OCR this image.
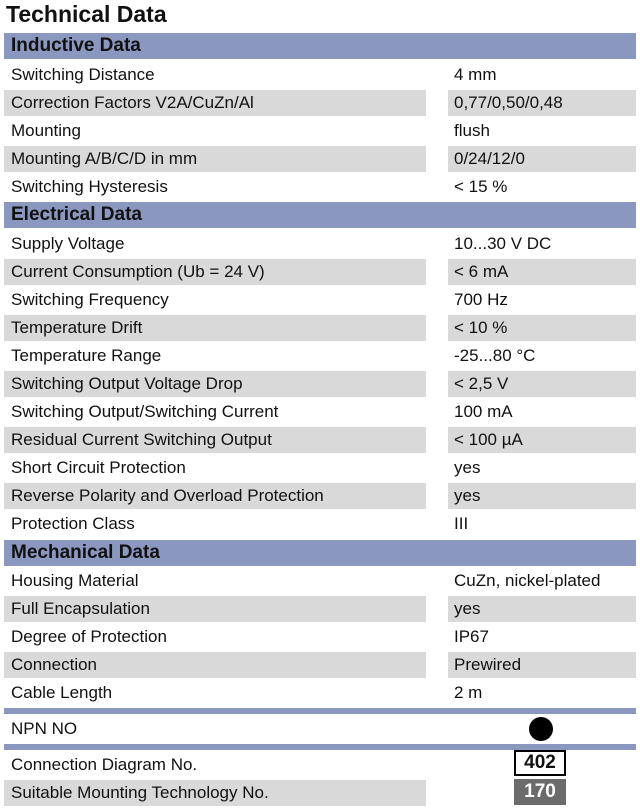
Technical Data
Inductive Data
Switching Distance	4 mm
Correction Factors V2A/CuZn/Al	0,77/0,50/0,48
Mounting	flush
Mounting A/B/C/D in mm	0/24/12/0
Switching Hysteresis	< 15 %
Electrical Data
Supply Voltage	10...30 V DC
Current Consumption (Ub = 24 V)	< 6 mA
Switching Frequency	700 Hz
Temperature Drift	< 10 %
Temperature Range	-25...80 °C
Switching Output Voltage Drop	< 2,5 V
Switching Output/Switching Current	100 mA
Residual Current Switching Output	< 100 µA
Short Circuit Protection	yes
Reverse Polarity and Overload Protection	yes
Protection Class	III
Mechanical Data
Housing Material	CuZn, nickel-plated
Full Encapsulation	yes
Degree of Protection	IP67
Connection	Prewired
Cable Length	2 m
NPN NO
Connection Diagram No.	402
Suitable Mounting Technology No.	170
